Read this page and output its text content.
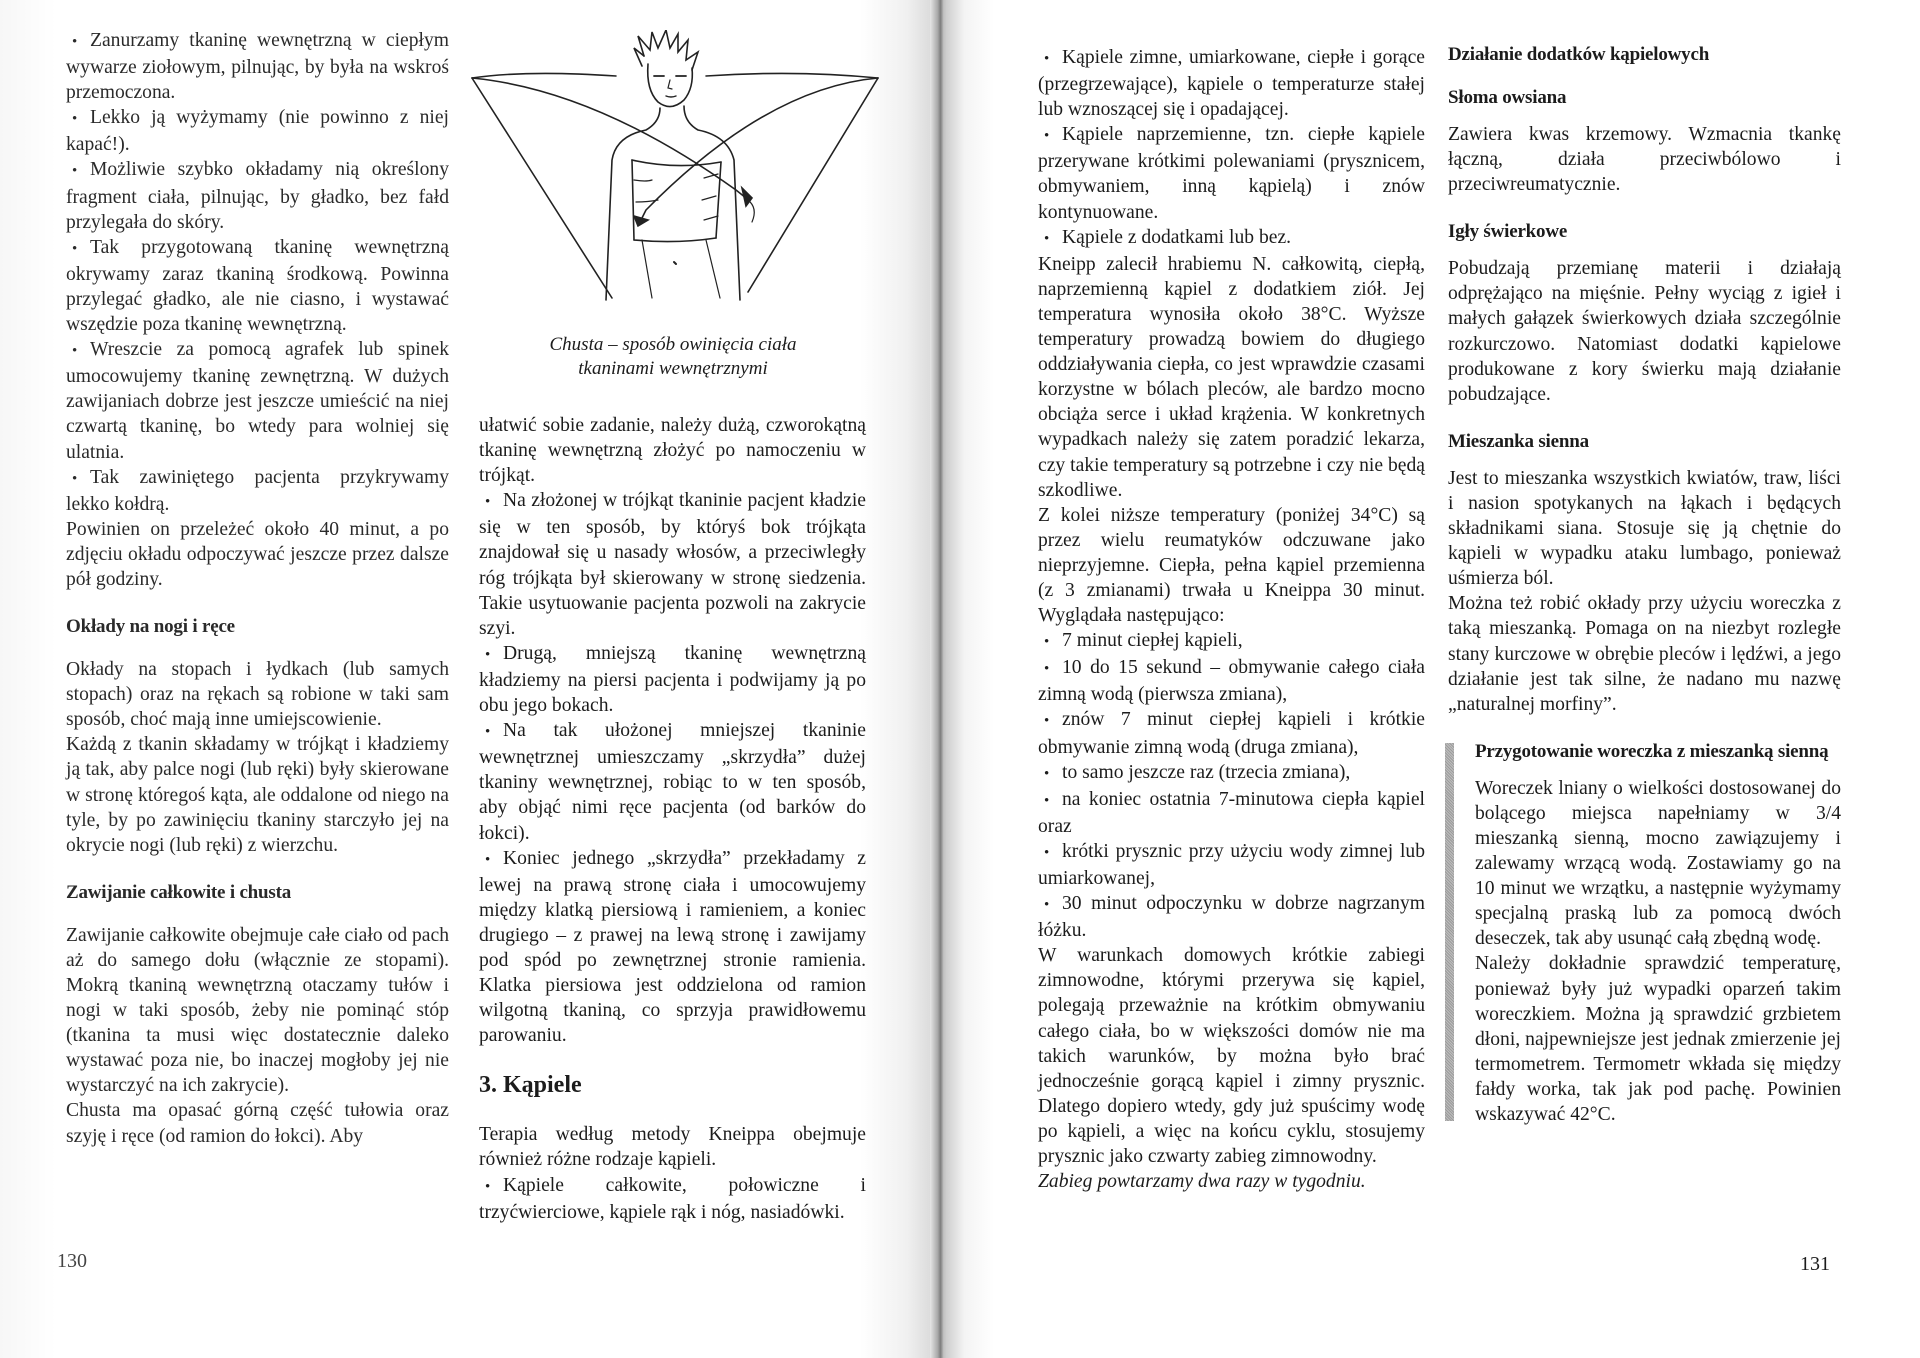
• Zanurzamy tkaninę wewnętrzną w ciepłym wywarze ziołowym, pilnując, by była na wskroś przemoczona.

• Lekko ją wyżymamy (nie powinno z niej kapać!).

• Możliwie szybko okładamy nią określony fragment ciała, pilnując, by gładko, bez fałd przylegała do skóry.

• Tak przygotowaną tkaninę wewnętrzną okrywamy zaraz tkaniną środkową. Powinna przylegać gładko, ale nie ciasno, i wystawać wszędzie poza tkaninę wewnętrzną.

• Wreszcie za pomocą agrafek lub spinek umocowujemy tkaninę zewnętrzną. W dużych zawijaniach dobrze jest jeszcze umieścić na niej czwartą tkaninę, bo wtedy para wolniej się ulatnia.

• Tak zawiniętego pacjenta przykrywamy lekko kołdrą.

Powinien on przeleżeć około 40 minut, a po zdjęciu okładu odpoczywać jeszcze przez dalsze pół godziny.

Okłady na nogi i ręce

Okłady na stopach i łydkach (lub samych stopach) oraz na rękach są robione w taki sam sposób, choć mają inne umiejscowienie.

Każdą z tkanin składamy w trójkąt i kładziemy ją tak, aby palce nogi (lub ręki) były skierowane w stronę któregoś kąta, ale oddalone od niego na tyle, by po zawinięciu tkaniny starczyło jej na okrycie nogi (lub ręki) z wierzchu.

Zawijanie całkowite i chusta

Zawijanie całkowite obejmuje całe ciało od pach aż do samego dołu (włącznie ze stopami). Mokrą tkaniną wewnętrzną otaczamy tułów i nogi w taki sposób, żeby nie pominąć stóp (tkanina ta musi więc dostatecznie daleko wystawać poza nie, bo inaczej mogłoby jej nie wystarczyć na ich zakrycie).

Chusta ma opasać górną część tułowia oraz szyję i ręce (od ramion do łokci). Aby

Chusta – sposób owinięcia ciała
tkaninami wewnętrznymi

ułatwić sobie zadanie, należy dużą, czworokątną tkaninę wewnętrzną złożyć po namoczeniu w trójkąt.

• Na złożonej w trójkąt tkaninie pacjent kładzie się w ten sposób, by któryś bok trójkąta znajdował się u nasady włosów, a przeciwległy róg trójkąta był skierowany w stronę siedzenia. Takie usytuowanie pacjenta pozwoli na zakrycie szyi.

• Drugą, mniejszą tkaninę wewnętrzną kładziemy na piersi pacjenta i podwijamy ją po obu jego bokach.

• Na tak ułożonej mniejszej tkaninie wewnętrznej umieszczamy „skrzydła” dużej tkaniny wewnętrznej, robiąc to w ten sposób, aby objąć nimi ręce pacjenta (od barków do łokci).

• Koniec jednego „skrzydła” przekładamy z lewej na prawą stronę ciała i umocowujemy między klatką piersiową i ramieniem, a koniec drugiego – z prawej na lewą stronę i zawijamy pod spód po zewnętrznej stronie ramienia. Klatka piersiowa jest oddzielona od ramion wilgotną tkaniną, co sprzyja prawidłowemu parowaniu.

3. Kąpiele

Terapia według metody Kneippa obejmuje również różne rodzaje kąpieli.

• Kąpiele całkowite, połowiczne i trzyćwierciowe, kąpiele rąk i nóg, nasiadówki.

130

• Kąpiele zimne, umiarkowane, ciepłe i gorące (przegrzewające), kąpiele o temperaturze stałej lub wznoszącej się i opadającej.

• Kąpiele naprzemienne, tzn. ciepłe kąpiele przerywane krótkimi polewaniami (prysznicem, obmywaniem, inną kąpielą) i znów kontynuowane.

• Kąpiele z dodatkami lub bez.

Kneipp zalecił hrabiemu N. całkowitą, ciepłą, naprzemienną kąpiel z dodatkiem ziół. Jej temperatura wynosiła około 38°C. Wyższe temperatury prowadzą bowiem do długiego oddziaływania ciepła, co jest wprawdzie czasami korzystne w bólach pleców, ale bardzo mocno obciąża serce i układ krążenia. W konkretnych wypadkach należy się zatem poradzić lekarza, czy takie temperatury są potrzebne i czy nie będą szkodliwe.

Z kolei niższe temperatury (poniżej 34°C) są przez wielu reumatyków odczuwane jako nieprzyjemne. Ciepła, pełna kąpiel przemienna (z 3 zmianami) trwała u Kneippa 30 minut. Wyglądała następująco:

• 7 minut ciepłej kąpieli,

• 10 do 15 sekund – obmywanie całego ciała zimną wodą (pierwsza zmiana),

• znów 7 minut ciepłej kąpieli i krótkie obmywanie zimną wodą (druga zmiana),

• to samo jeszcze raz (trzecia zmiana),

• na koniec ostatnia 7-minutowa ciepła kąpiel oraz

• krótki prysznic przy użyciu wody zimnej lub umiarkowanej,

• 30 minut odpoczynku w dobrze nagrzanym łóżku.

W warunkach domowych krótkie zabiegi zimnowodne, którymi przerywa się kąpiel, polegają przeważnie na krótkim obmywaniu całego ciała, bo w większości domów nie ma takich warunków, by można było brać jednocześnie gorącą kąpiel i zimny prysznic. Dlatego dopiero wtedy, gdy już spuścimy wodę po kąpieli, a więc na końcu cyklu, stosujemy prysznic jako czwarty zabieg zimnowodny.

Zabieg powtarzamy dwa razy w tygodniu.

Działanie dodatków kąpielowych
Słoma owsiana

Zawiera kwas krzemowy. Wzmacnia tkankę łączną, działa przeciwbólowo i przeciwreumatycznie.

Igły świerkowe

Pobudzają przemianę materii i działają odprężająco na mięśnie. Pełny wyciąg z igieł i małych gałązek świerkowych działa szczególnie rozkurczowo. Natomiast dodatki kąpielowe produkowane z kory świerku mają działanie pobudzające.

Mieszanka sienna

Jest to mieszanka wszystkich kwiatów, traw, liści i nasion spotykanych na łąkach i będących składnikami siana. Stosuje się ją chętnie do kąpieli w wypadku ataku lumbago, ponieważ uśmierza ból.

Można też robić okłady przy użyciu woreczka z taką mieszanką. Pomaga on na niezbyt rozległe stany kurczowe w obrębie pleców i lędźwi, a jego działanie jest tak silne, że nadano mu nazwę „naturalnej morfiny”.

Przygotowanie woreczka z mieszanką sienną

Woreczek lniany o wielkości dostosowanej do bolącego miejsca napełniamy w 3/4 mieszanką sienną, mocno zawiązujemy i zalewamy wrzącą wodą. Zostawiamy go na 10 minut we wrzątku, a następnie wyżymamy specjalną praską lub za pomocą dwóch deseczek, tak aby usunąć całą zbędną wodę.

Należy dokładnie sprawdzić temperaturę, ponieważ były już wypadki oparzeń takim woreczkiem. Można ją sprawdzić grzbietem dłoni, najpewniejsze jest jednak zmierzenie jej termometrem. Termometr wkłada się między fałdy worka, tak jak pod pachę. Powinien wskazywać 42°C.

131
